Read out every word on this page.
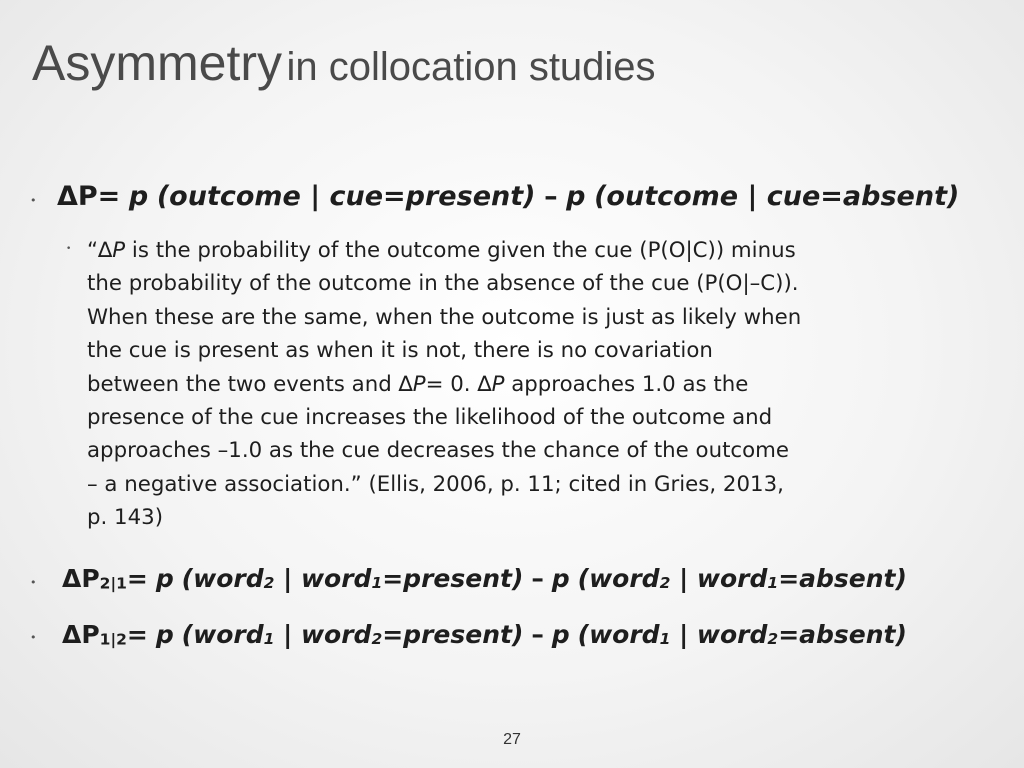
Asymmetry in collocation studies
• ΔP= p (outcome | cue=present) – p (outcome | cue=absent)
• “∆P is the probability of the outcome given the cue (P(O|C)) minus
the probability of the outcome in the absence of the cue (P(O|–C)).
When these are the same, when the outcome is just as likely when
the cue is present as when it is not, there is no covariation
between the two events and ∆P= 0. ∆P approaches 1.0 as the
presence of the cue increases the likelihood of the outcome and
approaches –1.0 as the cue decreases the chance of the outcome
– a negative association.” (Ellis, 2006, p. 11; cited in Gries, 2013,
p. 143)
• $\Delta P_{2|1}= p$ (word2 | word1=present) – p (word2 | word1=absent)
• $\Delta P_{1|2}= p$ (word1 | word2=present) – p (word1 | word2=absent)
27
